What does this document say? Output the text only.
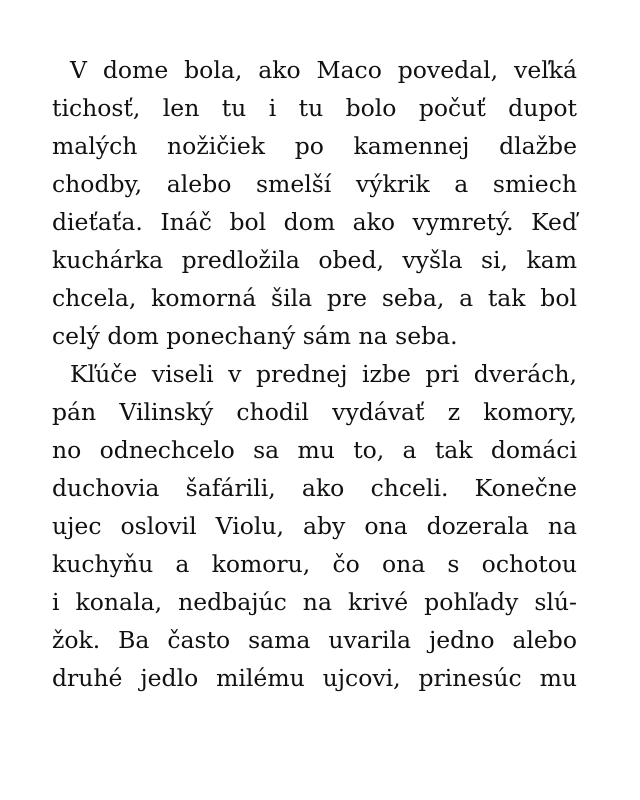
V dome bola, ako Maco povedal, veľká
tichosť, len tu i tu bolo počuť dupot
malých nožičiek po kamennej dlažbe
chodby, alebo smelší výkrik a smiech
dieťaťa. Ináč bol dom ako vymretý. Keď
kuchárka predložila obed, vyšla si, kam
chcela, komorná šila pre seba, a tak bol
celý dom ponechaný sám na seba.
Kľúče viseli v prednej izbe pri dverách,
pán Vilinský chodil vydávať z komory,
no odnechcelo sa mu to, a tak domáci
duchovia šafárili, ako chceli. Konečne
ujec oslovil Violu, aby ona dozerala na
kuchyňu a komoru, čo ona s ochotou
i konala, nedbajúc na krivé pohľady slú-
žok. Ba často sama uvarila jedno alebo
druhé jedlo milému ujcovi, prinesúc mu
